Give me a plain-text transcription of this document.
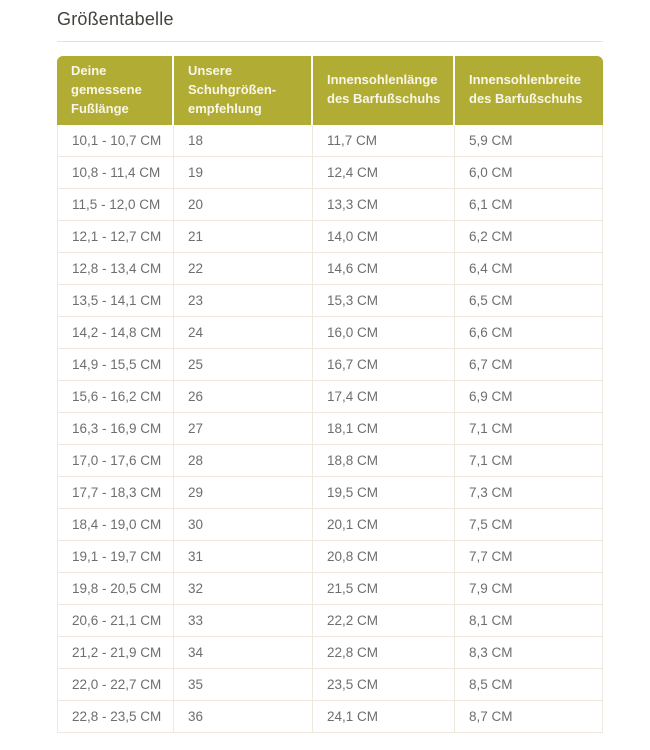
Größentabelle
Deine gemessene Fußlänge	Unsere Schuhgrößen-empfehlung	Innensohlenlänge des Barfußschuhs	Innensohlenbreite des Barfußschuhs
10,1 - 10,7 CM	18	11,7 CM	5,9 CM
10,8 - 11,4 CM	19	12,4 CM	6,0 CM
11,5 - 12,0 CM	20	13,3 CM	6,1 CM
12,1 - 12,7 CM	21	14,0 CM	6,2 CM
12,8 - 13,4 CM	22	14,6 CM	6,4 CM
13,5 - 14,1 CM	23	15,3 CM	6,5 CM
14,2 - 14,8 CM	24	16,0 CM	6,6 CM
14,9 - 15,5 CM	25	16,7 CM	6,7 CM
15,6 - 16,2 CM	26	17,4 CM	6,9 CM
16,3 - 16,9 CM	27	18,1 CM	7,1 CM
17,0 - 17,6 CM	28	18,8 CM	7,1 CM
17,7 - 18,3 CM	29	19,5 CM	7,3 CM
18,4 - 19,0 CM	30	20,1 CM	7,5 CM
19,1 - 19,7 CM	31	20,8 CM	7,7 CM
19,8 - 20,5 CM	32	21,5 CM	7,9 CM
20,6 - 21,1 CM	33	22,2 CM	8,1 CM
21,2 - 21,9 CM	34	22,8 CM	8,3 CM
22,0 - 22,7 CM	35	23,5 CM	8,5 CM
22,8 - 23,5 CM	36	24,1 CM	8,7 CM
